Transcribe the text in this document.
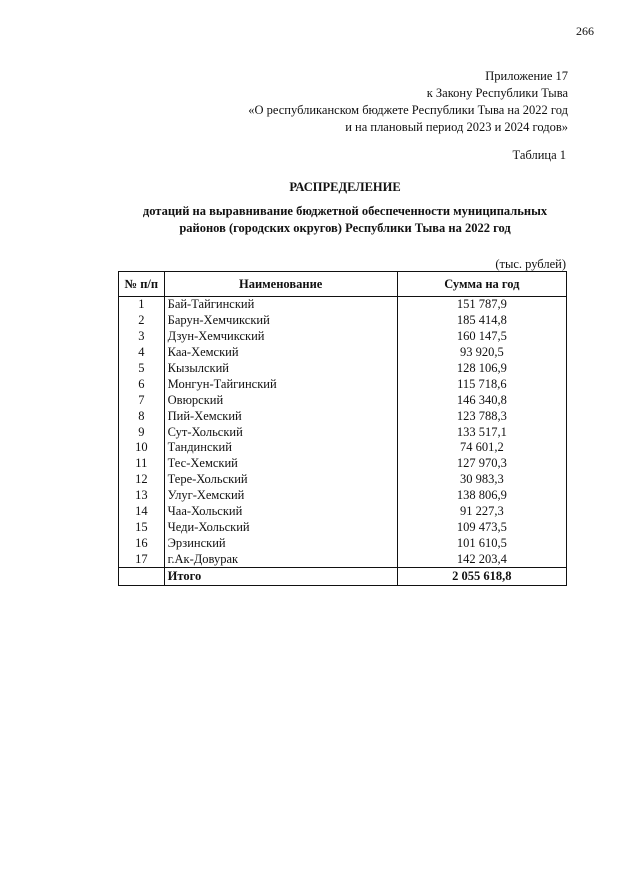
266
Приложение 17
к Закону Республики Тыва
«О республиканском бюджете Республики Тыва на 2022 год
и на плановый период 2023 и 2024 годов»
Таблица 1
РАСПРЕДЕЛЕНИЕ
дотаций на выравнивание бюджетной обеспеченности муниципальных
районов (городских округов) Республики Тыва на 2022 год
(тыс. рублей)
№ п/п	Наименование	Сумма на год
1	Бай-Тайгинский	151 787,9
2	Барун-Хемчикский	185 414,8
3	Дзун-Хемчикский	160 147,5
4	Каа-Хемский	93 920,5
5	Кызылский	128 106,9
6	Монгун-Тайгинский	115 718,6
7	Овюрский	146 340,8
8	Пий-Хемский	123 788,3
9	Сут-Хольский	133 517,1
10	Тандинский	74 601,2
11	Тес-Хемский	127 970,3
12	Тере-Хольский	30 983,3
13	Улуг-Хемский	138 806,9
14	Чаа-Хольский	91 227,3
15	Чеди-Хольский	109 473,5
16	Эрзинский	101 610,5
17	г.Ак-Довурак	142 203,4
	Итого	2 055 618,8
